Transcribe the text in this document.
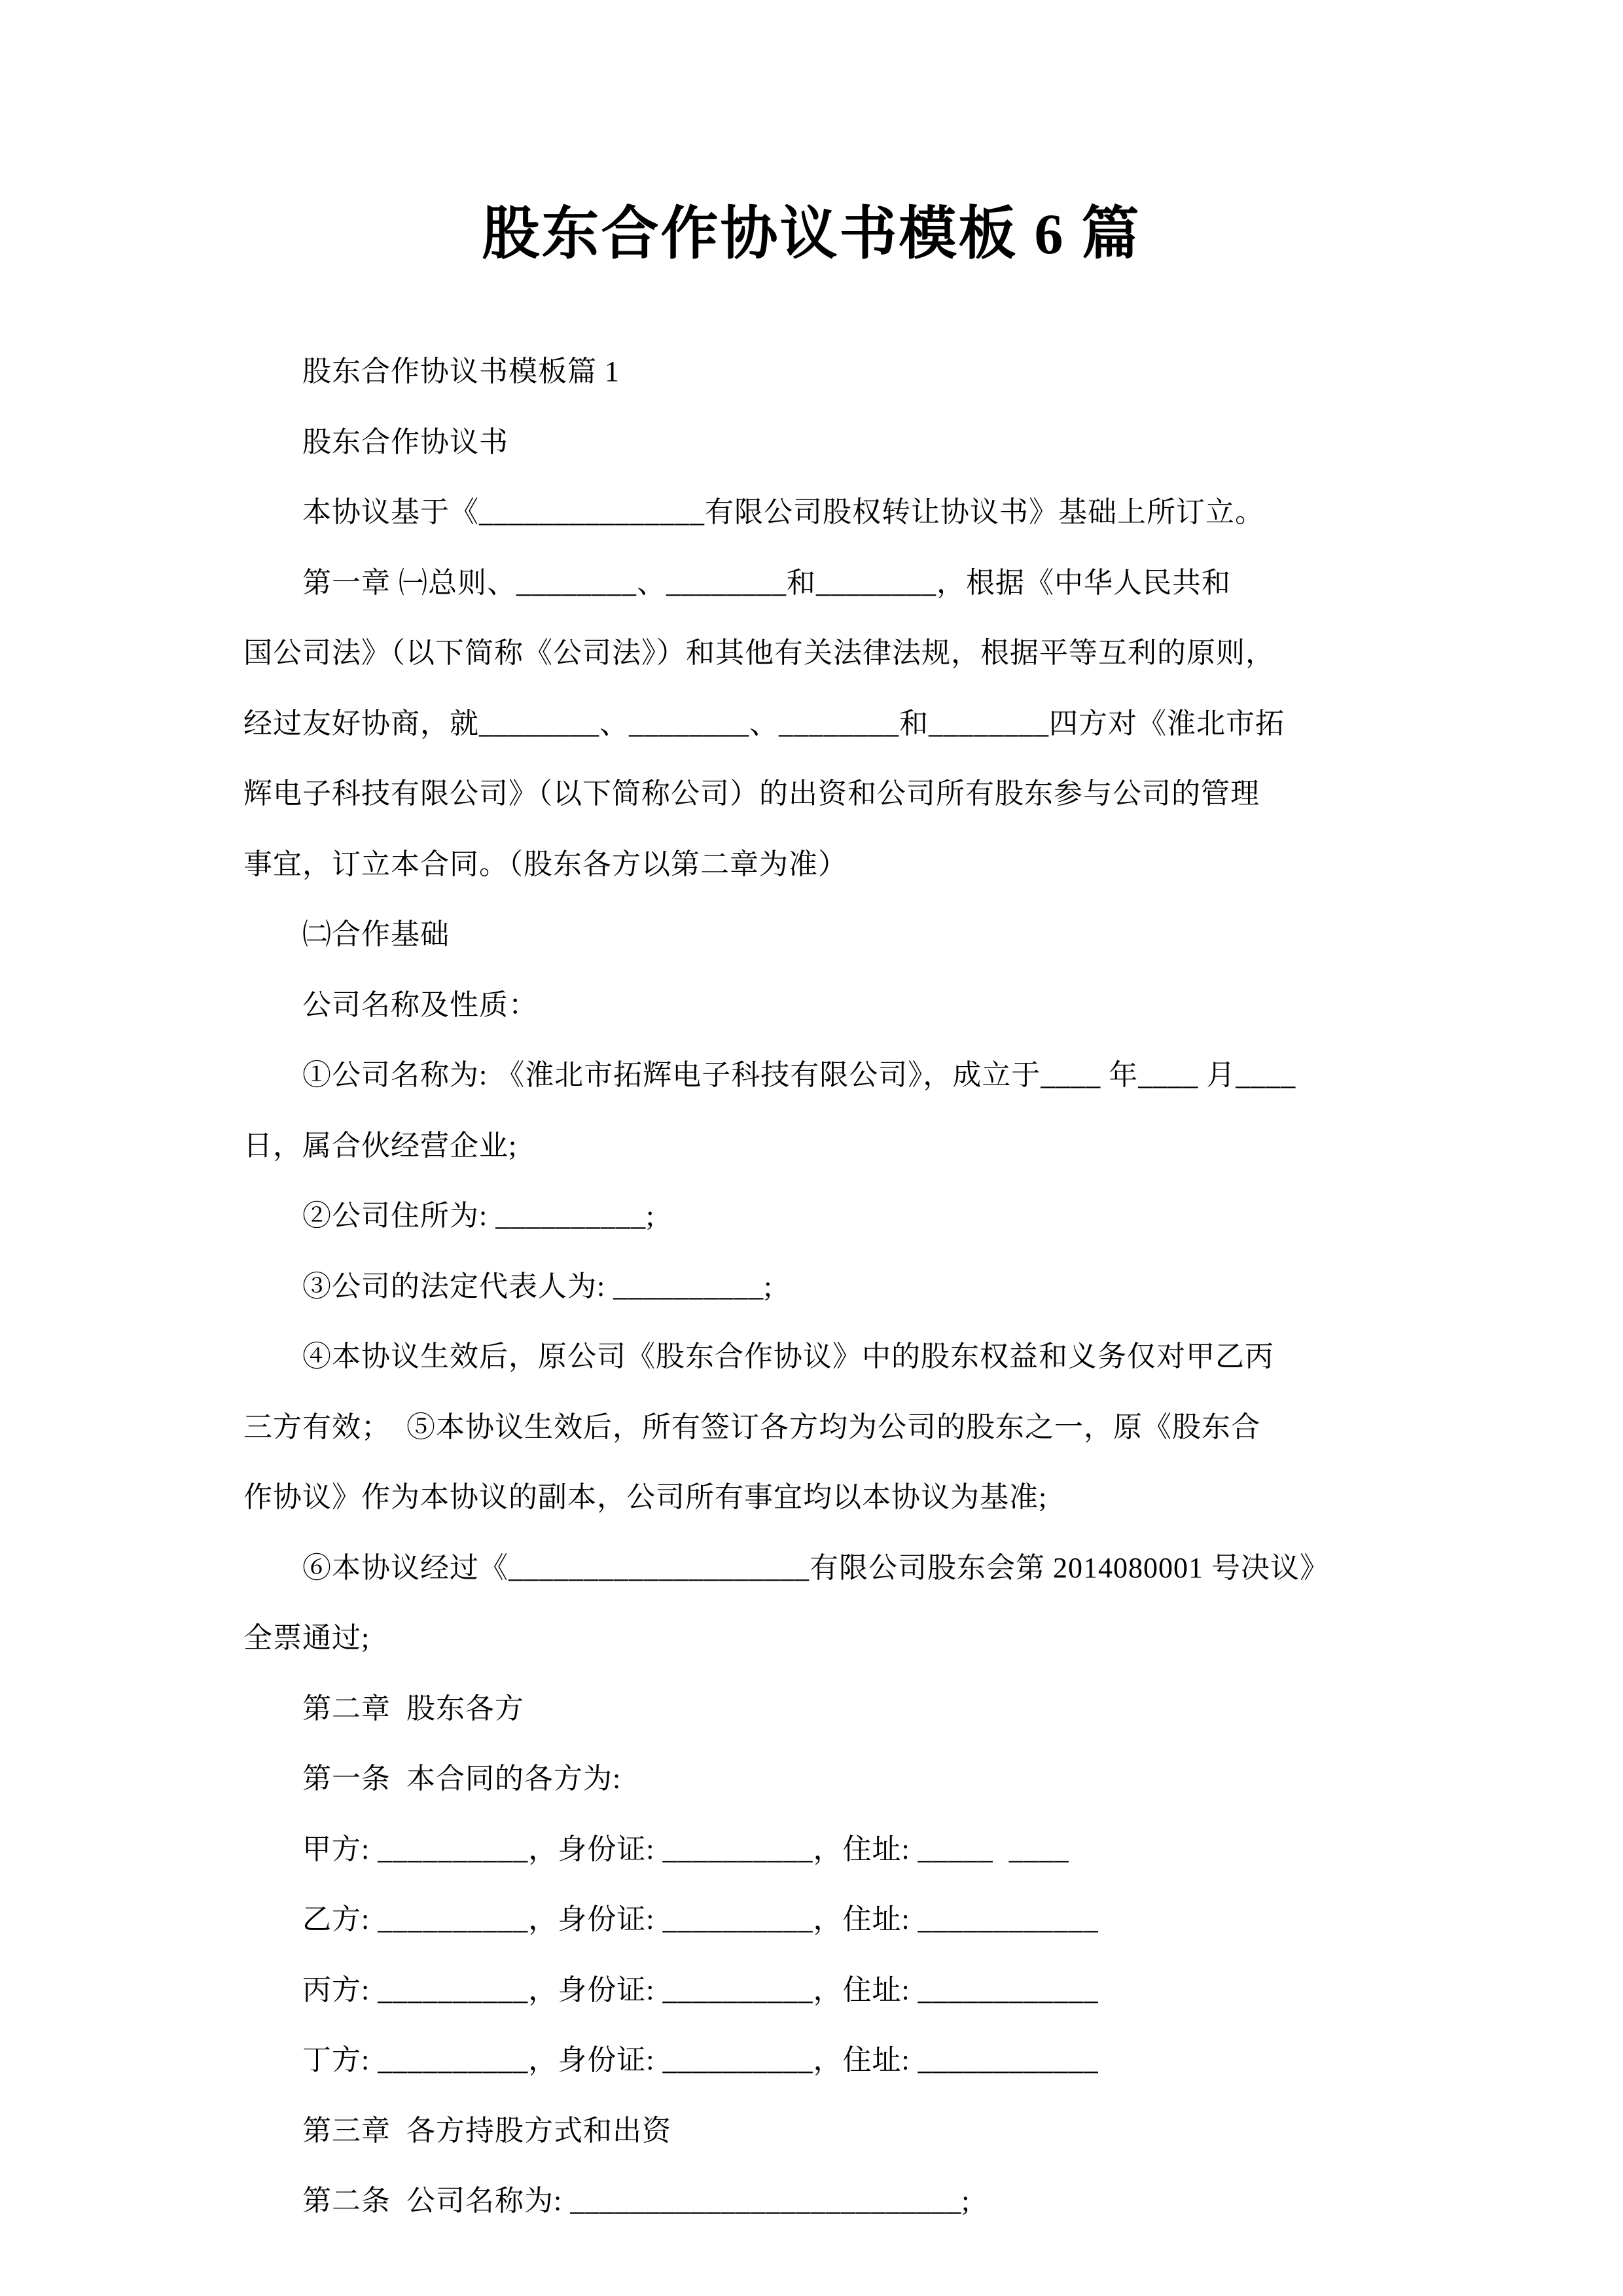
股东合作协议书模板 6 篇
股东合作协议书模板篇 1
股东合作协议书
本协议基于《_______________有限公司股权转让协议书》基础上所订立。
第一章 ㈠总则、________、________和________，根据《中华人民共和
国公司法》（以下简称《公司法》）和其他有关法律法规，根据平等互利的原则，
经过友好协商，就________、________、________和________四方对《淮北市拓
辉电子科技有限公司》（以下简称公司）的出资和公司所有股东参与公司的管理
事宜，订立本合同。（股东各方以第二章为准）
㈡合作基础
公司名称及性质：
①公司名称为: 《淮北市拓辉电子科技有限公司》，成立于____ 年____ 月____
日，属合伙经营企业;
②公司住所为: __________;
③公司的法定代表人为: __________;
④本协议生效后，原公司《股东合作协议》中的股东权益和义务仅对甲乙丙
三方有效；  ⑤本协议生效后，所有签订各方均为公司的股东之一，原《股东合
作协议》作为本协议的副本，公司所有事宜均以本协议为基准;
⑥本协议经过《____________________有限公司股东会第 2014080001 号决议》
全票通过;
第二章  股东各方
第一条  本合同的各方为:
甲方: __________，身份证: __________，住址: _____  ____
乙方: __________，身份证: __________，住址: ____________
丙方: __________，身份证: __________，住址: ____________
丁方: __________，身份证: __________，住址: ____________
第三章  各方持股方式和出资
第二条  公司名称为: __________________________;
